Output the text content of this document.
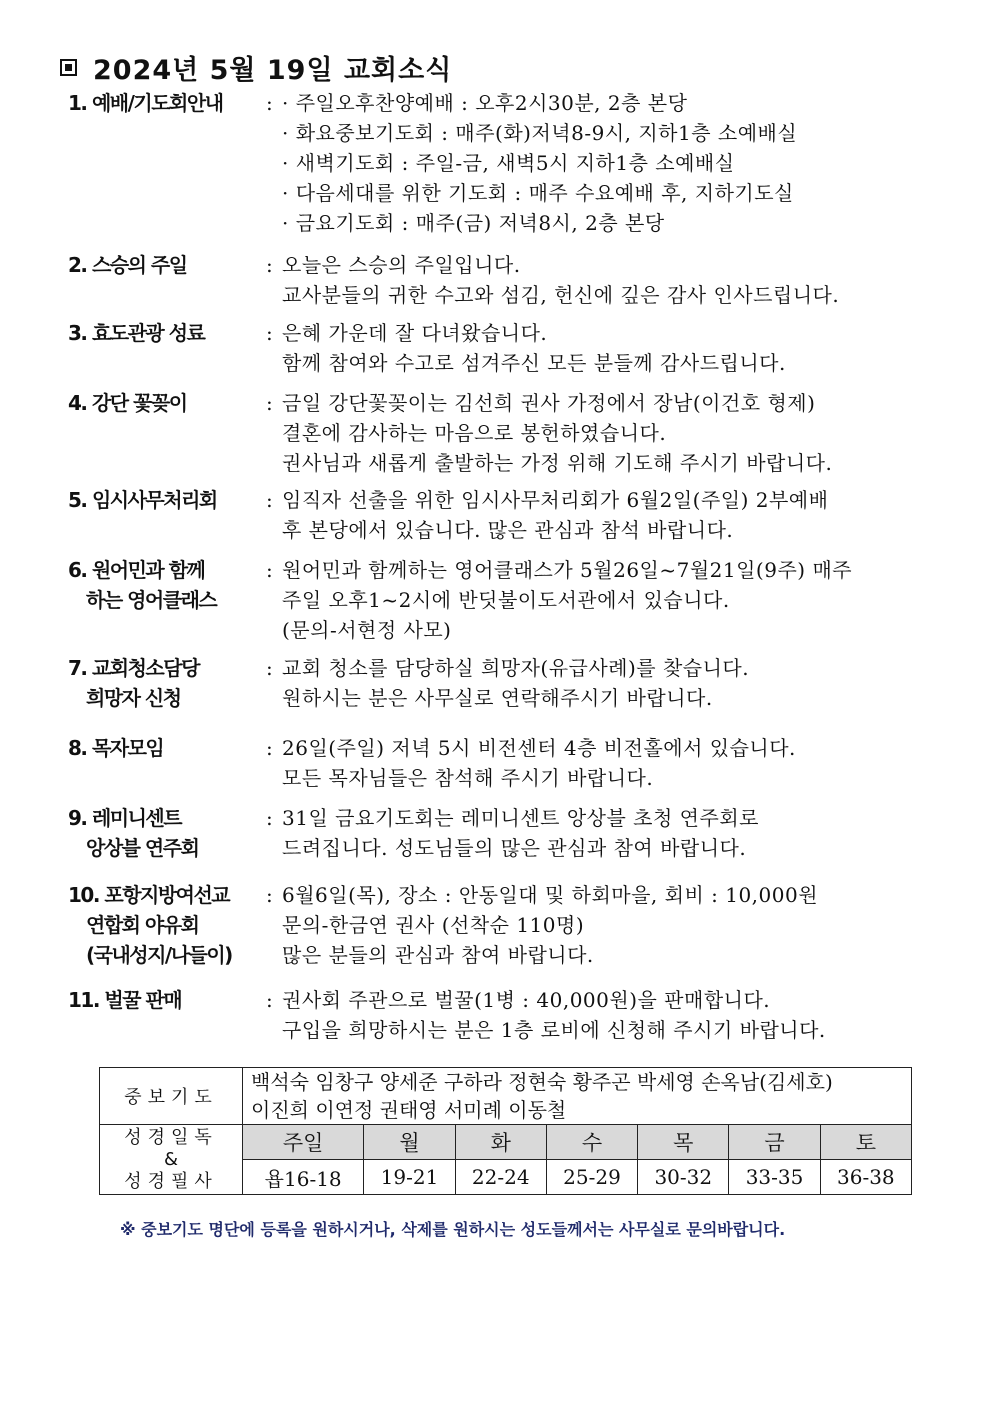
2024년 5월 19일 교회소식
1. 예배/기도회안내	: · 주일오후찬양예배 : 오후2시30분, 2층 본당
· 화요중보기도회 : 매주(화)저녁8-9시, 지하1층 소예배실
· 새벽기도회 : 주일-금, 새벽5시 지하1층 소예배실
· 다음세대를 위한 기도회 : 매주 수요예배 후, 지하기도실
· 금요기도회 : 매주(금) 저녁8시, 2층 본당
2. 스승의 주일	: 오늘은 스승의 주일입니다.
교사분들의 귀한 수고와 섬김, 헌신에 깊은 감사 인사드립니다.
3. 효도관광 성료	: 은혜 가운데 잘 다녀왔습니다.
함께 참여와 수고로 섬겨주신 모든 분들께 감사드립니다.
4. 강단 꽃꽂이	: 금일 강단꽃꽂이는 김선희 권사 가정에서 장남(이건호 형제)
결혼에 감사하는 마음으로 봉헌하였습니다.
권사님과 새롭게 출발하는 가정 위해 기도해 주시기 바랍니다.
5. 임시사무처리회	: 임직자 선출을 위한 임시사무처리회가 6월2일(주일) 2부예배
후 본당에서 있습니다. 많은 관심과 참석 바랍니다.
6. 원어민과 함께
하는 영어클래스
: 원어민과 함께하는 영어클래스가 5월26일~7월21일(9주) 매주
주일 오후1~2시에 반딧불이도서관에서 있습니다.
(문의-서현정 사모)
7. 교회청소담당
희망자 신청
: 교회 청소를 담당하실 희망자(유급사례)를 찾습니다.
원하시는 분은 사무실로 연락해주시기 바랍니다.
8. 목자모임	: 26일(주일) 저녁 5시 비전센터 4층 비전홀에서 있습니다.
모든 목자님들은 참석해 주시기 바랍니다.
9. 레미니센트
앙상블 연주회
: 31일 금요기도회는 레미니센트 앙상블 초청 연주회로
드려집니다. 성도님들의 많은 관심과 참여 바랍니다.
10. 포항지방여선교
연합회 야유회
(국내성지/나들이)
: 6월6일(목), 장소 : 안동일대 및 하회마을, 회비 : 10,000원
문의-한금연 권사 (선착순 110명)
많은 분들의 관심과 참여 바랍니다.
11. 벌꿀 판매	: 권사회 주관으로 벌꿀(1병 : 40,000원)을 판매합니다.
구입을 희망하시는 분은 1층 로비에 신청해 주시기 바랍니다.
중보기도	백석숙 임창구 양세준 구하라 정현숙 황주곤 박세영 손옥남(김세호)
이진희 이연정 권태영 서미례 이동철						

성경일독
&
성경필사	주일	월	화	수	목	금	토
	욥16-18	19-21	22-24	25-29	30-32	33-35	36-38
※ 중보기도 명단에 등록을 원하시거나, 삭제를 원하시는 성도들께서는 사무실로 문의바랍니다.
